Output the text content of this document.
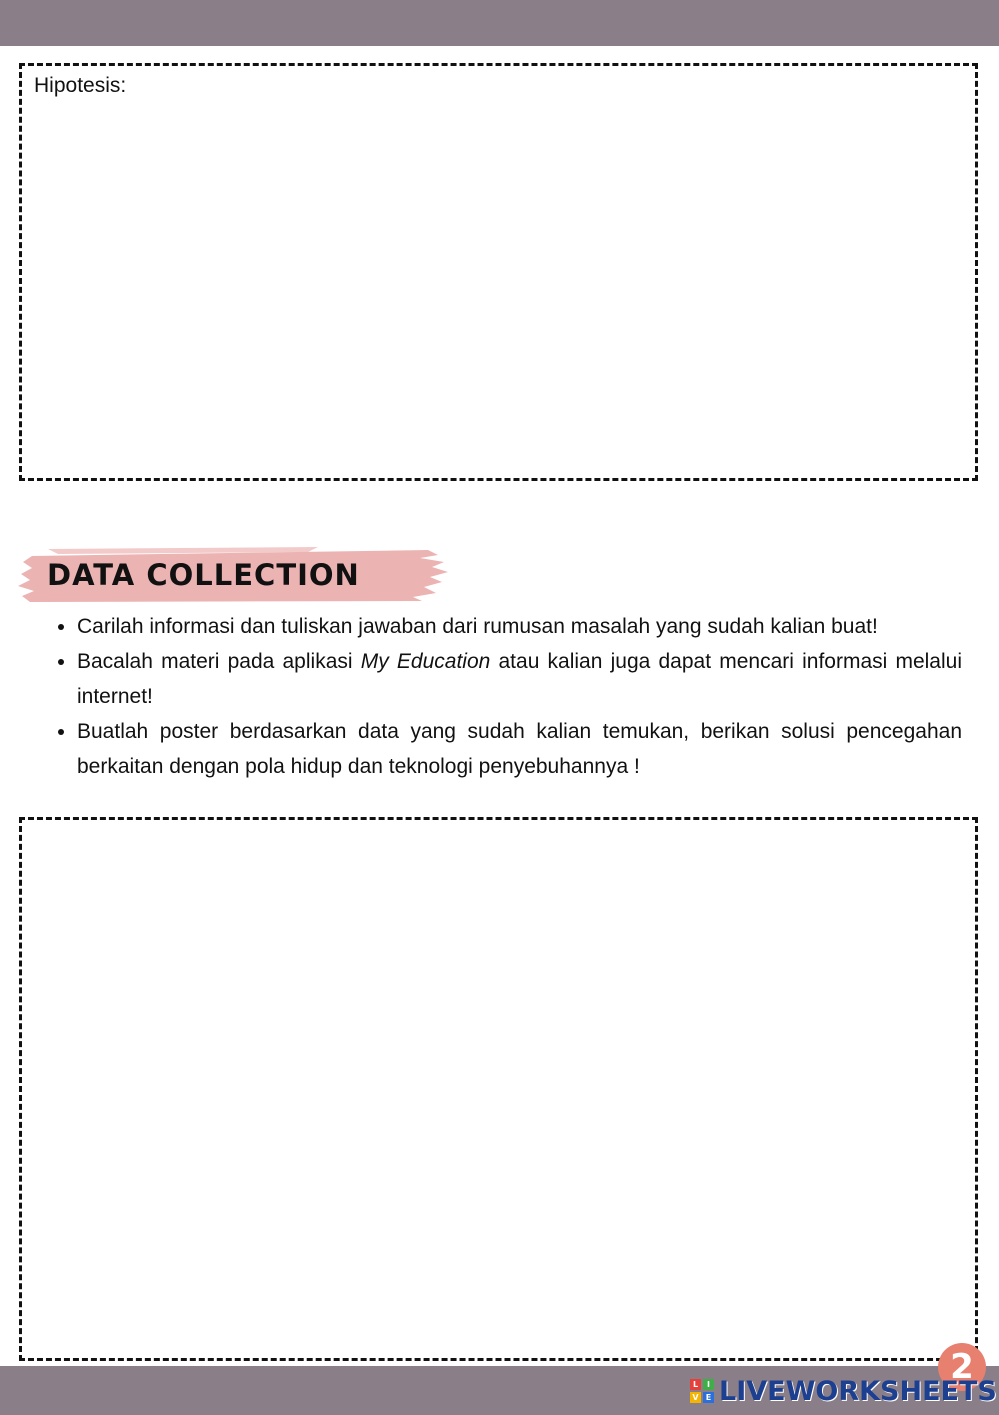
Hipotesis:
DATA COLLECTION
• Carilah informasi dan tuliskan jawaban dari rumusan masalah yang sudah kalian buat!
• Bacalah materi pada aplikasi My Education atau kalian juga dapat mencari informasi melalui internet!
• Buatlah poster berdasarkan data yang sudah kalian temukan, berikan solusi pencegahan berkaitan dengan pola hidup dan teknologi penyebuhannya !
2
L	I
V E LIVEWORKSHEETS
